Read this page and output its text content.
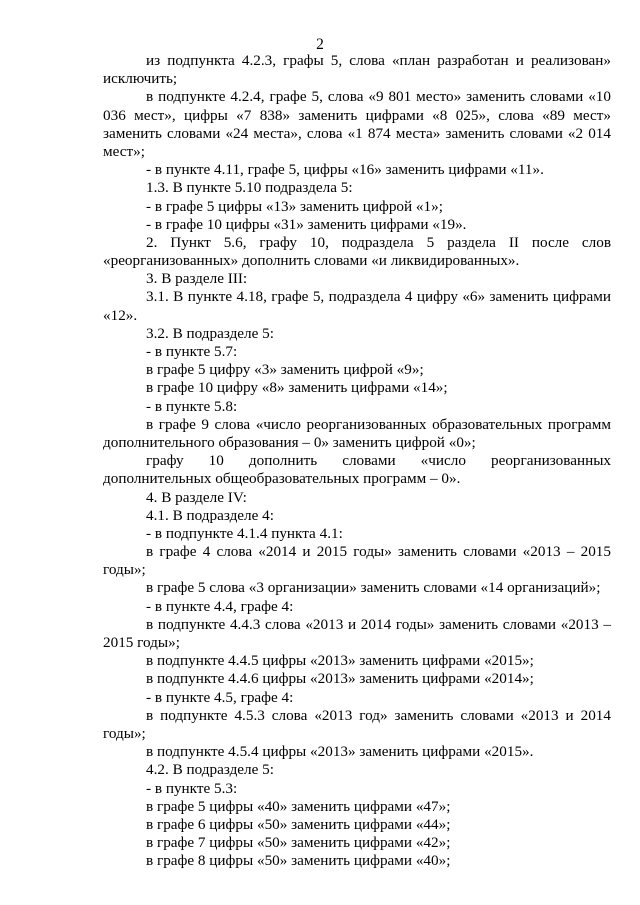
2

из подпункта 4.2.3, графы 5, слова «план разработан и реализован» исключить;

в подпункте 4.2.4, графе 5, слова «9 801 место» заменить словами «10 036 мест», цифры «7 838» заменить цифрами «8 025», слова «89 мест» заменить словами «24 места», слова «1 874 места» заменить словами «2 014 мест»;

- в пункте 4.11, графе 5, цифры «16» заменить цифрами «11».

1.3. В пункте 5.10 подраздела 5:

- в графе 5 цифры «13» заменить цифрой «1»;

- в графе 10 цифры «31» заменить цифрами «19».

2. Пункт 5.6, графу 10, подраздела 5 раздела II после слов «реорганизованных» дополнить словами «и ликвидированных».

3. В разделе III:

3.1. В пункте 4.18, графе 5, подраздела 4 цифру «6» заменить цифрами «12».

3.2. В подразделе 5:

- в пункте 5.7:

в графе 5 цифру «3» заменить цифрой «9»;

в графе 10 цифру «8» заменить цифрами «14»;

- в пункте 5.8:

в графе 9 слова «число реорганизованных образовательных программ дополнительного образования – 0» заменить цифрой «0»;

графу 10 дополнить словами «число реорганизованных дополнительных общеобразовательных программ – 0».

4. В разделе IV:

4.1. В подразделе 4:

- в подпункте 4.1.4 пункта 4.1:

в графе 4 слова «2014 и 2015 годы» заменить словами «2013 – 2015 годы»;

в графе 5 слова «3 организации» заменить словами «14 организаций»;

- в пункте 4.4, графе 4:

в подпункте 4.4.3 слова «2013 и 2014 годы» заменить словами «2013 – 2015 годы»;

в подпункте 4.4.5 цифры «2013» заменить цифрами «2015»;

в подпункте 4.4.6 цифры «2013» заменить цифрами «2014»;

- в пункте 4.5, графе 4:

в подпункте 4.5.3 слова «2013 год» заменить словами «2013 и 2014 годы»;

в подпункте 4.5.4 цифры «2013» заменить цифрами «2015».

4.2. В подразделе 5:

- в пункте 5.3:

в графе 5 цифры «40» заменить цифрами «47»;

в графе 6 цифры «50» заменить цифрами «44»;

в графе 7 цифры «50» заменить цифрами «42»;

в графе 8 цифры «50» заменить цифрами «40»;
